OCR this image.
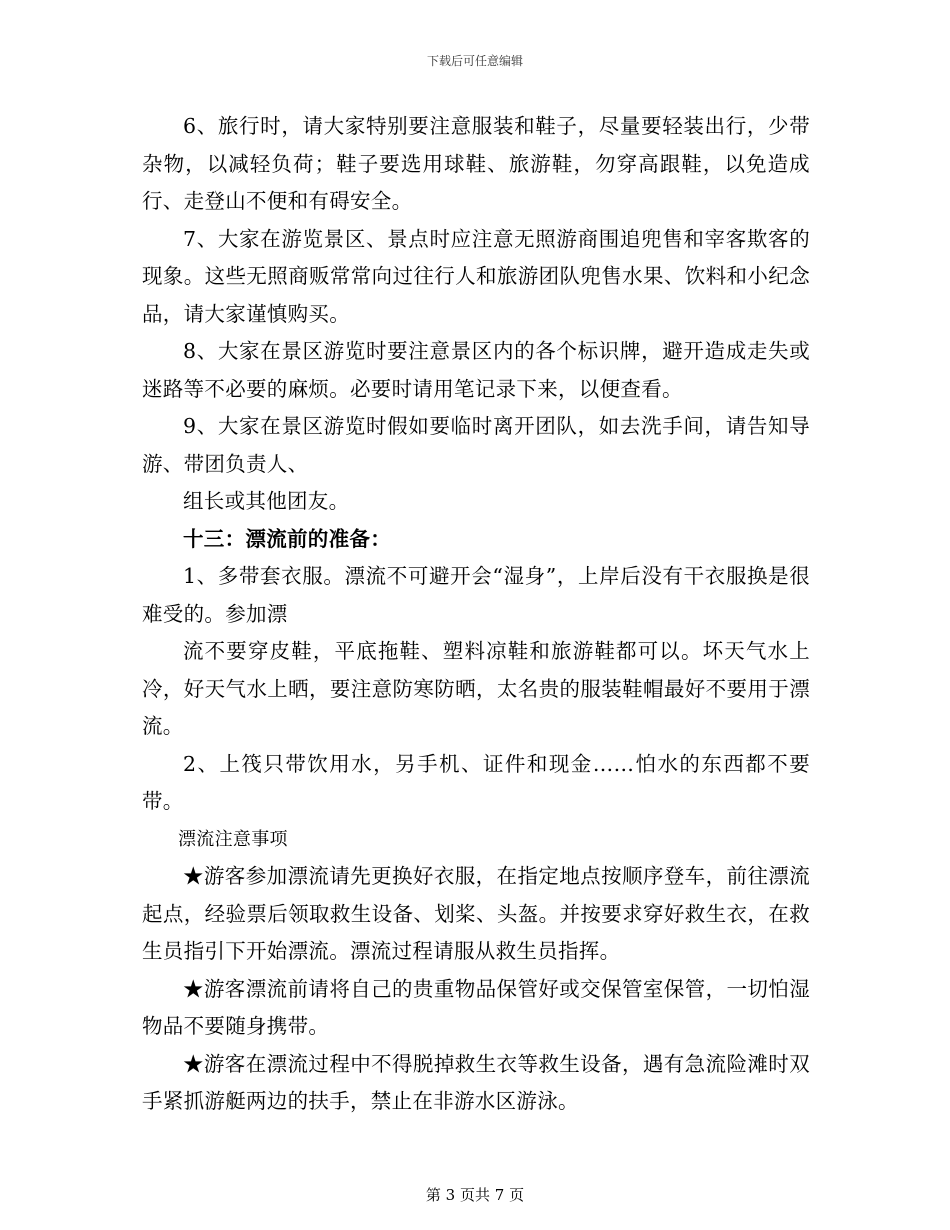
下载后可任意编辑

6、旅行时，请大家特别要注意服装和鞋子，尽量要轻装出行，少带杂物，以减轻负荷；鞋子要选用球鞋、旅游鞋，勿穿高跟鞋，以免造成行、走登山不便和有碍安全。

7、大家在游览景区、景点时应注意无照游商围追兜售和宰客欺客的现象。这些无照商贩常常向过往行人和旅游团队兜售水果、饮料和小纪念品，请大家谨慎购买。

8、大家在景区游览时要注意景区内的各个标识牌，避开造成走失或迷路等不必要的麻烦。必要时请用笔记录下来，以便查看。

9、大家在景区游览时假如要临时离开团队，如去洗手间，请告知导游、带团负责人、

组长或其他团友。

十三：漂流前的准备：

1、多带套衣服。漂流不可避开会“湿身”，上岸后没有干衣服换是很难受的。参加漂

流不要穿皮鞋，平底拖鞋、塑料凉鞋和旅游鞋都可以。坏天气水上冷，好天气水上晒，要注意防寒防晒，太名贵的服装鞋帽最好不要用于漂流。

2、上筏只带饮用水，另手机、证件和现金……怕水的东西都不要带。

漂流注意事项

★游客参加漂流请先更换好衣服，在指定地点按顺序登车，前往漂流起点，经验票后领取救生设备、划桨、头盔。并按要求穿好救生衣，在救生员指引下开始漂流。漂流过程请服从救生员指挥。

★游客漂流前请将自己的贵重物品保管好或交保管室保管，一切怕湿物品不要随身携带。

★游客在漂流过程中不得脱掉救生衣等救生设备，遇有急流险滩时双手紧抓游艇两边的扶手，禁止在非游水区游泳。

第 3 页共 7 页
